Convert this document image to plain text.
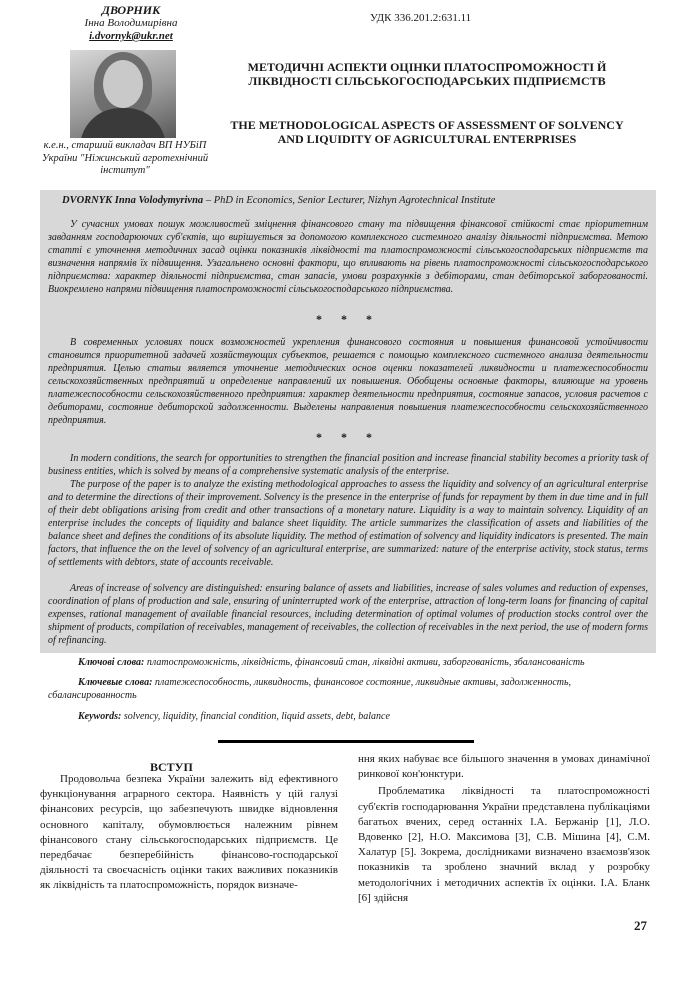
ДВОРНИК
Інна Володимирівна
i.dvornyk@ukr.net
к.е.н., старший викладач ВП НУБіП України "Ніжинський агротехнічний інститут"
УДК 336.201.2:631.11
МЕТОДИЧНІ АСПЕКТИ ОЦІНКИ ПЛАТОСПРОМОЖНОСТІ Й ЛІКВІДНОСТІ СІЛЬСЬКОГОСПОДАРСЬКИХ ПІДПРИЄМСТВ
THE METHODOLOGICAL ASPECTS OF ASSESSMENT OF SOLVENCY AND LIQUIDITY OF AGRICULTURAL ENTERPRISES
DVORNYK Inna Volodymyrivna – PhD in Economics, Senior Lecturer, Nizhyn Agrotechnical Institute

У сучасних умовах пошук можливостей зміцнення фінансового стану та підвищення фінансової стійкості стає пріоритетним завданням господарюючих суб'єктів, що вирішується за допомогою комплексного системного аналізу діяльності підприємства. Метою статті є уточнення методичних засад оцінки показників ліквідності та платоспроможності сільськогосподарських підприємств та визначення напрямів їх підвищення. Узагальнено основні фактори, що впливають на рівень платоспроможності сільськогосподарського підприємства: характер діяльності підприємства, стан запасів, умови розрахунків з дебіторами, стан дебіторської заборгованості. Виокремлено напрями підвищення платоспроможності сільськогосподарського підприємства.

* * *

В современных условиях поиск возможностей укрепления финансового состояния и повышения финансовой устойчивости становится приоритетной задачей хозяйствующих субъектов, решается с помощью комплексного системного анализа деятельности предприятия. Целью статьи является уточнение методических основ оценки показателей ликвидности и платежеспособности сельскохозяйственных предприятий и определение направлений их повышения. Обобщены основные факторы, влияющие на уровень платежеспособности сельскохозяйственного предприятия: характер деятельности предприятия, состояние запасов, условия расчетов с дебиторами, состояние дебиторской задолженности. Выделены направления повышения платежеспособности сельскохозяйственного предприятия.

* * *

In modern conditions, the search for opportunities to strengthen the financial position and increase financial stability becomes a priority task of business entities, which is solved by means of a comprehensive systematic analysis of the enterprise.

The purpose of the paper is to analyze the existing methodological approaches to assess the liquidity and solvency of an agricultural enterprise and to determine the directions of their improvement. Solvency is the presence in the enterprise of funds for repayment by them in due time and in full of their debt obligations arising from credit and other transactions of a monetary nature. Liquidity is a way to maintain solvency. Liquidity of an enterprise includes the concepts of liquidity and balance sheet liquidity. The article summarizes the classification of assets and liabilities of the balance sheet and defines the conditions of its absolute liquidity. The method of estimation of solvency and liquidity indicators is presented. The main factors, that influence the on the level of solvency of an agricultural enterprise, are summarized: nature of the enterprise activity, stock status, terms of settlements with debtors, state of accounts receivable.

Areas of increase of solvency are distinguished: ensuring balance of assets and liabilities, increase of sales volumes and reduction of expenses, coordination of plans of production and sale, ensuring of uninterrupted work of the enterprise, attraction of long-term loans for financing of capital expenses, rational management of available financial resources, including determination of optimal volumes of production stocks control over the shipment of products, compilation of receivables, management of receivables, the collection of receivables in the next period, the use of modern forms of refinancing.

Ключові слова: платоспроможність, ліквідність, фінансовий стан, ліквідні активи, заборгованість, збалансованість

Ключевые слова: платежеспособность, ликвидность, финансовое состояние, ликвидные активы, задолженность, сбалансированность

Keywords: solvency, liquidity, financial condition, liquid assets, debt, balance

ВСТУП

Продовольча безпека України залежить від ефективного функціонування аграрного сектора. Наявність у цій галузі фінансових ресурсів, що забезпечують швидке відновлення основного капіталу, обумовлюється належним рівнем фінансового стану сільськогосподарських підприємств. Це передбачає безперебійність фінансово-господарської діяльності та своєчасність оцінки таких важливих показників як ліквідність та платоспроможність, порядок визначе-

ння яких набуває все більшого значення в умовах динамічної ринкової кон'юнктури.

Проблематика ліквідності та платоспроможності суб'єктів господарювання України представлена публікаціями багатьох вчених, серед останніх І.А. Бержанір [1], Л.О. Вдовенко [2], Н.О. Максимова [3], С.В. Мішина [4], С.М. Халатур [5]. Зокрема, дослідниками визначено взаємозв'язок показників та зроблено значний вклад у розробку методологічних і методичних аспектів їх оцінки. І.А. Бланк [6] здійсня

27
